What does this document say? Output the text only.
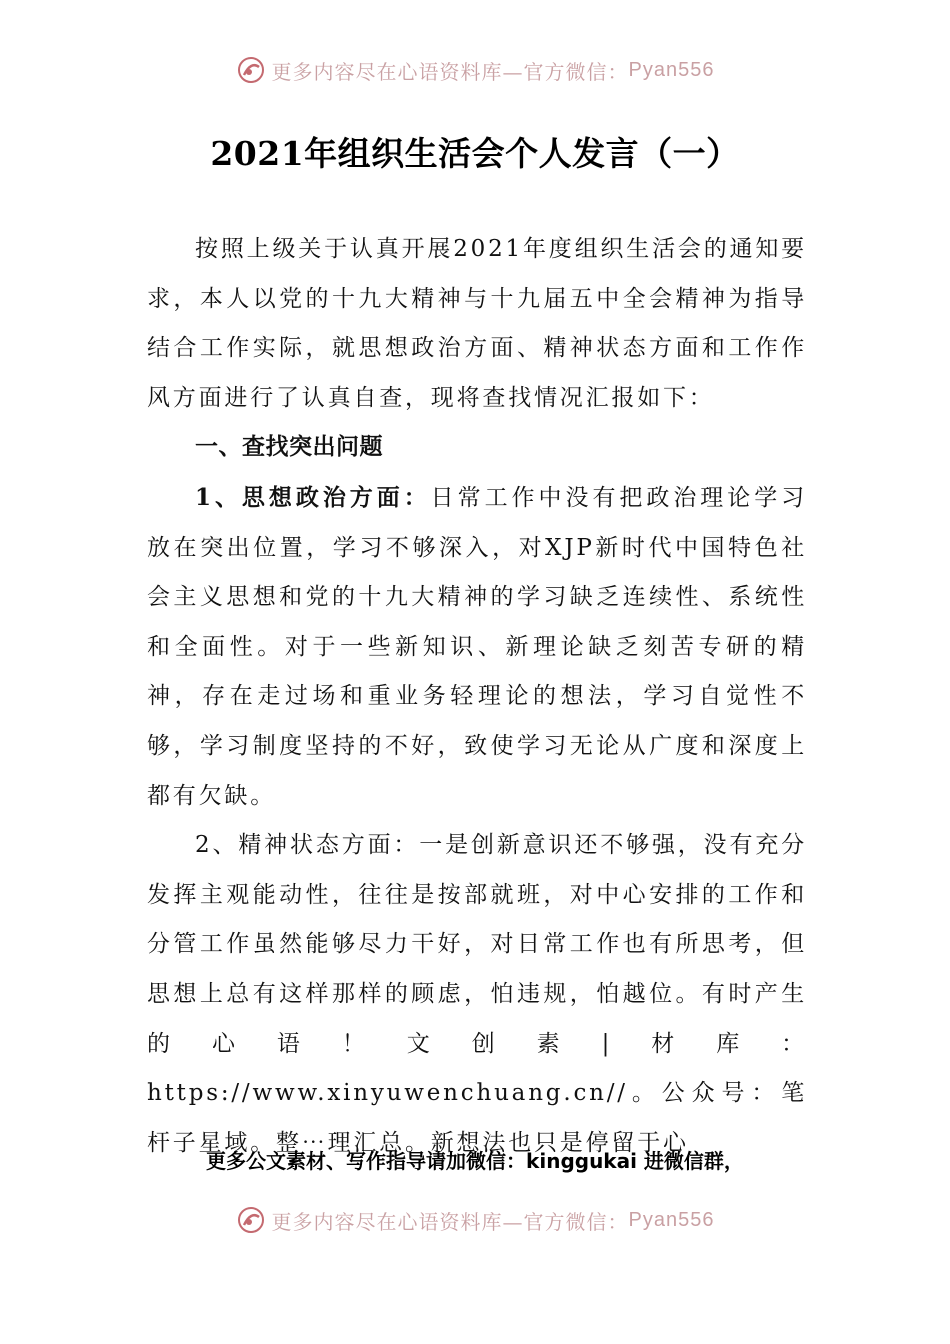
更多内容尽在心语资料库—官方微信： Pyan556
2021年组织生活会个人发言（一）

按照上级关于认真开展2021年度组织生活会的通知要求，本人以党的十九大精神与十九届五中全会精神为指导结合工作实际，就思想政治方面、精神状态方面和工作作风方面进行了认真自查，现将查找情况汇报如下：

一、查找突出问题

1、思想政治方面：日常工作中没有把政治理论学习放在突出位置，学习不够深入，对XJP新时代中国特色社会主义思想和党的十九大精神的学习缺乏连续性、系统性和全面性。对于一些新知识、新理论缺乏刻苦专研的精神，存在走过场和重业务轻理论的想法，学习自觉性不够，学习制度坚持的不好，致使学习无论从广度和深度上都有欠缺。

2、精神状态方面：一是创新意识还不够强，没有充分发挥主观能动性，往往是按部就班，对中心安排的工作和分管工作虽然能够尽力干好，对日常工作也有所思考，但思想上总有这样那样的顾虑，怕违规，怕越位。有时产生的心语！文创素|材库：https://www.xinyuwenchuang.cn//。公众号：笔杆子星域。整⋯理汇总。新想法也只是停留于心

更多公文素材、写作指导请加微信：kinggukai 进微信群，
更多内容尽在心语资料库—官方微信： Pyan556
